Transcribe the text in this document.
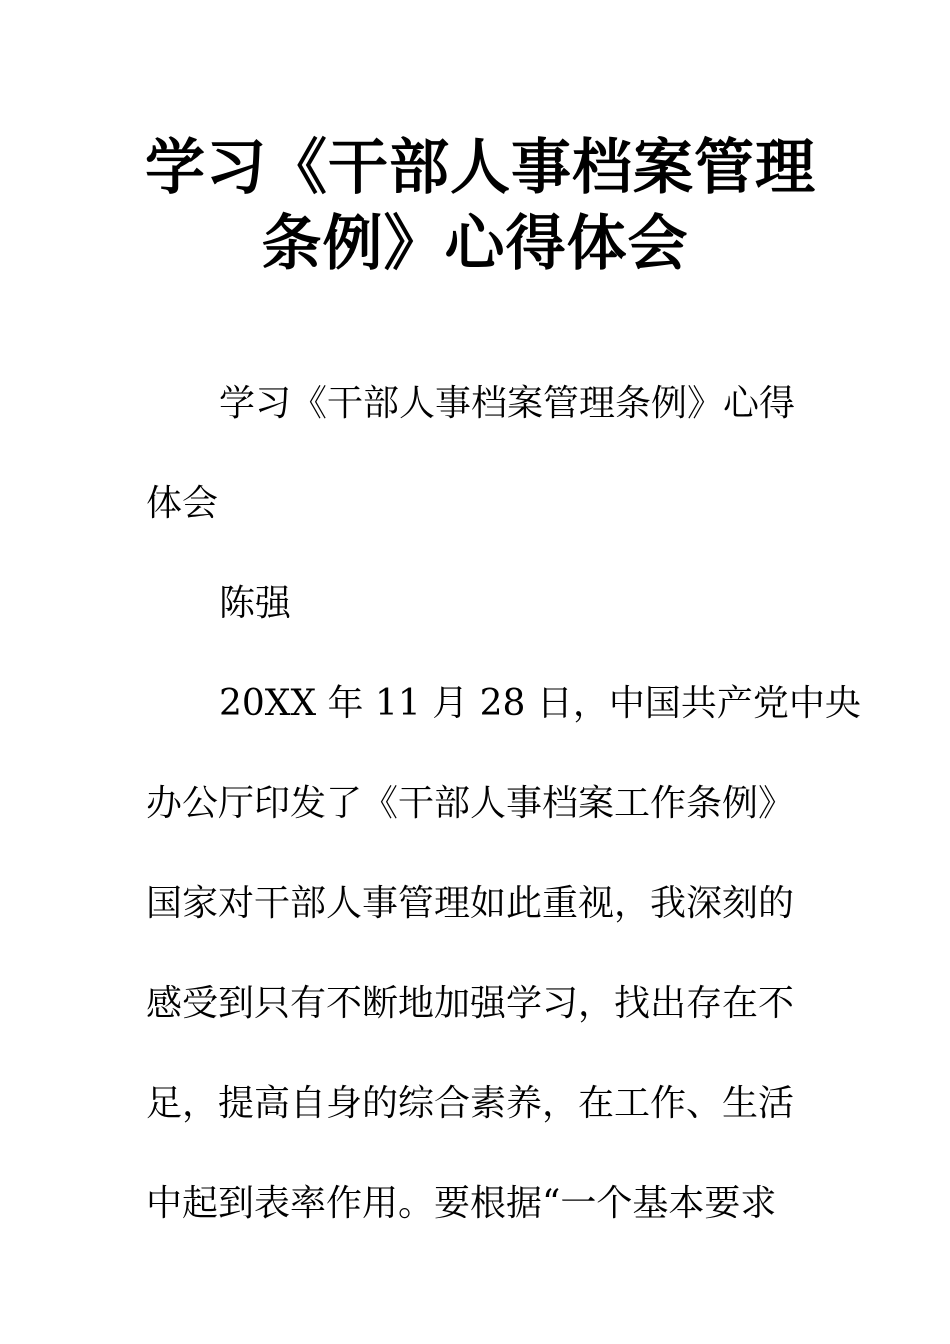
学习《干部人事档案管理
条例》心得体会
学习《干部人事档案管理条例》心得
体会
陈强
20XX 年 11 月 28 日，中国共产党中央
办公厅印发了《干部人事档案工作条例》
国家对干部人事管理如此重视，我深刻的
感受到只有不断地加强学习，找出存在不
足，提高自身的综合素养，在工作、生活
中起到表率作用。要根据“一个基本要求
